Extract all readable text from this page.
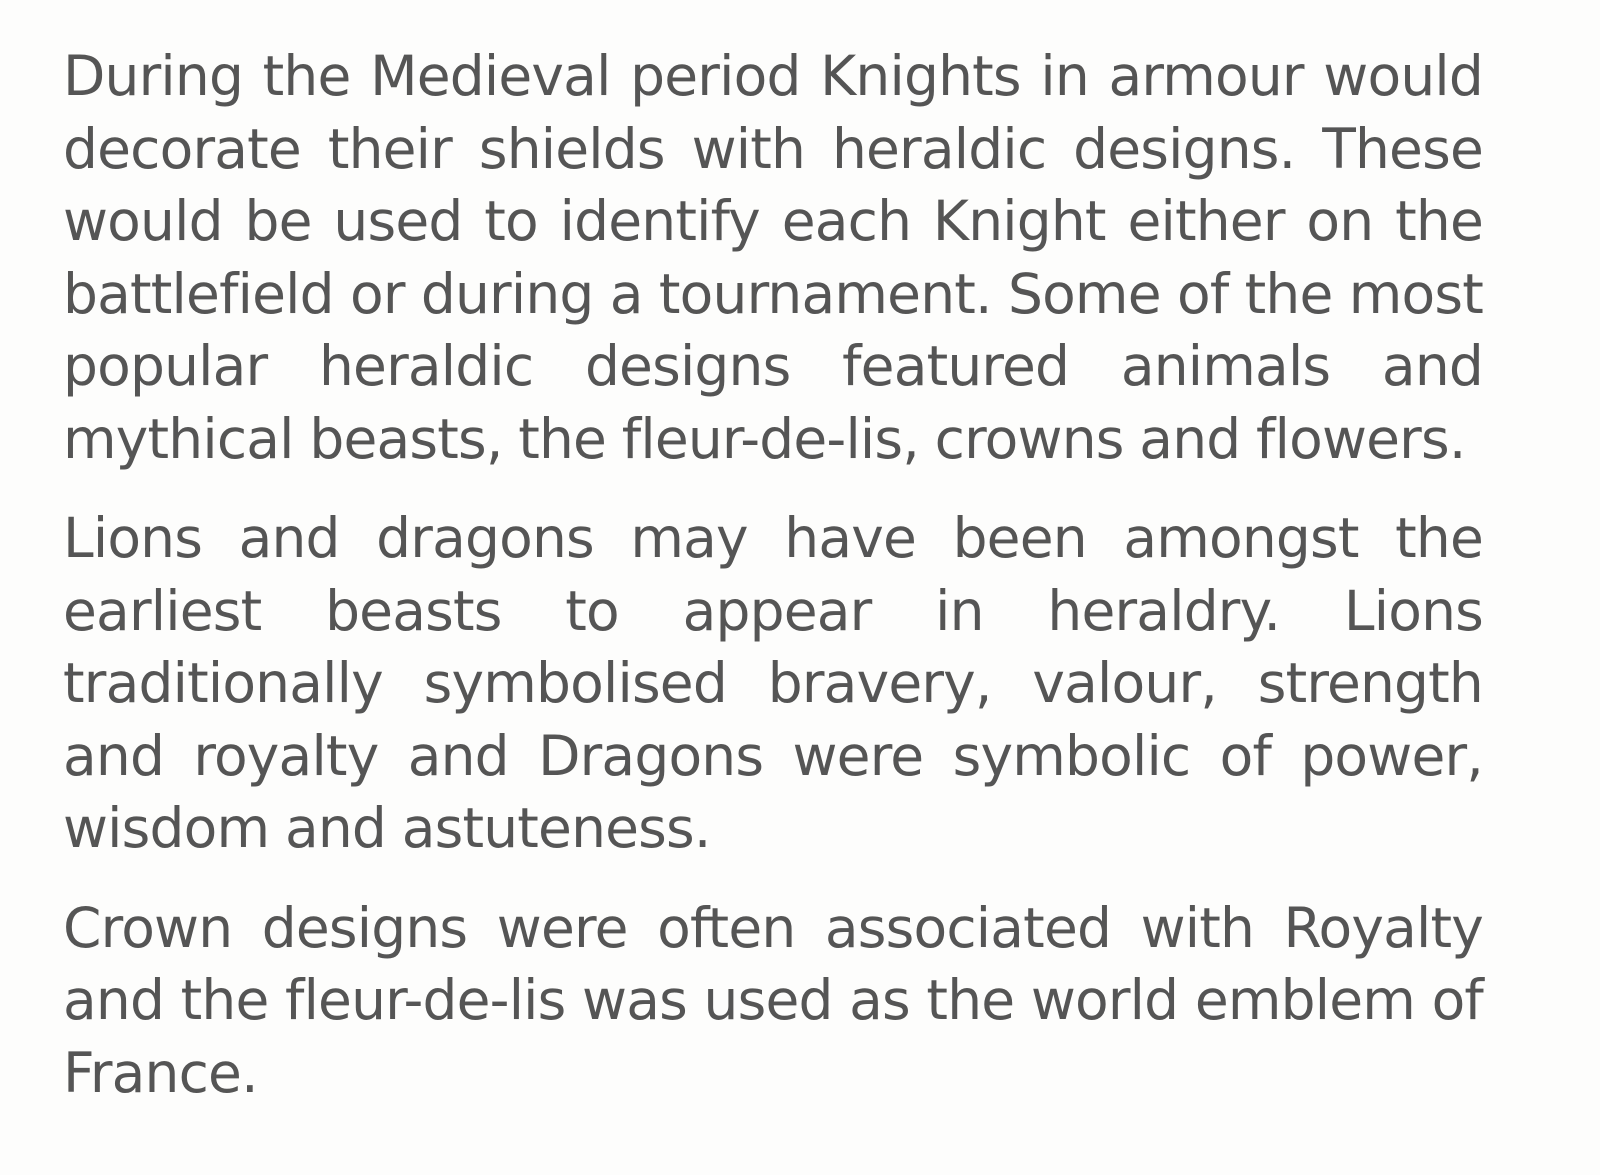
During the Medieval period Knights in armour would decorate their shields with heraldic designs. These would be used to identify each Knight either on the battlefield or during a tournament. Some of the most popular heraldic designs featured animals and mythical beasts, the fleur-de-lis, crowns and flowers.

Lions and dragons may have been amongst the earliest beasts to appear in heraldry. Lions traditionally symbolised bravery, valour, strength and royalty and Dragons were symbolic of power, wisdom and astuteness.

Crown designs were often associated with Royalty and the fleur-de-lis was used as the world emblem of France.
